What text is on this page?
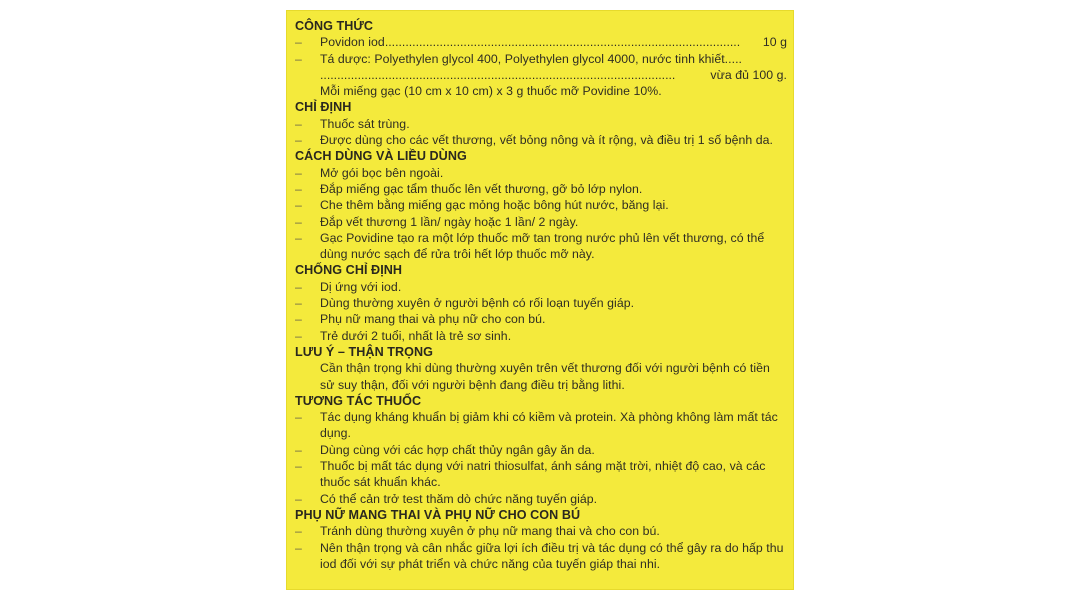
CÔNG THỨC
– Povidon iod ........................................................................................................	10 g
– Tá dược: Polyethylen glycol 400, Polyethylen glycol 4000, nước tinh khiết.....
........................................................................................................	vừa đủ 100 g.
Mỗi miếng gạc (10 cm x 10 cm) x 3 g thuốc mỡ Povidine 10%.
CHỈ ĐỊNH
– Thuốc sát trùng.
– Được dùng cho các vết thương, vết bỏng nông và ít rộng, và điều trị 1 số bệnh da.
CÁCH DÙNG VÀ LIỀU DÙNG
– Mở gói bọc bên ngoài.
– Đắp miếng gạc tẩm thuốc lên vết thương, gỡ bỏ lớp nylon.
– Che thêm bằng miếng gạc mỏng hoặc bông hút nước, băng lại.
– Đắp vết thương 1 lần/ ngày hoặc 1 lần/ 2 ngày.
– Gạc Povidine tạo ra một lớp thuốc mỡ tan trong nước phủ lên vết thương, có thể dùng nước sạch để rửa trôi hết lớp thuốc mỡ này.
CHỐNG CHỈ ĐỊNH
– Dị ứng với iod.
– Dùng thường xuyên ở người bệnh có rối loạn tuyến giáp.
– Phụ nữ mang thai và phụ nữ cho con bú.
– Trẻ dưới 2 tuổi, nhất là trẻ sơ sinh.
LƯU Ý – THẬN TRỌNG
Cần thận trọng khi dùng thường xuyên trên vết thương đối với người bệnh có tiền sử suy thận, đối với người bệnh đang điều trị bằng lithi.
TƯƠNG TÁC THUỐC
– Tác dụng kháng khuẩn bị giảm khi có kiềm và protein. Xà phòng không làm mất tác dụng.
– Dùng cùng với các hợp chất thủy ngân gây ăn da.
– Thuốc bị mất tác dụng với natri thiosulfat, ánh sáng mặt trời, nhiệt độ cao, và các thuốc sát khuẩn khác.
– Có thể cản trở test thăm dò chức năng tuyến giáp.
PHỤ NỮ MANG THAI VÀ PHỤ NỮ CHO CON BÚ
– Tránh dùng thường xuyên ở phụ nữ mang thai và cho con bú.
– Nên thận trọng và cân nhắc giữa lợi ích điều trị và tác dụng có thể gây ra do hấp thu iod đối với sự phát triển và chức năng của tuyến giáp thai nhi.
